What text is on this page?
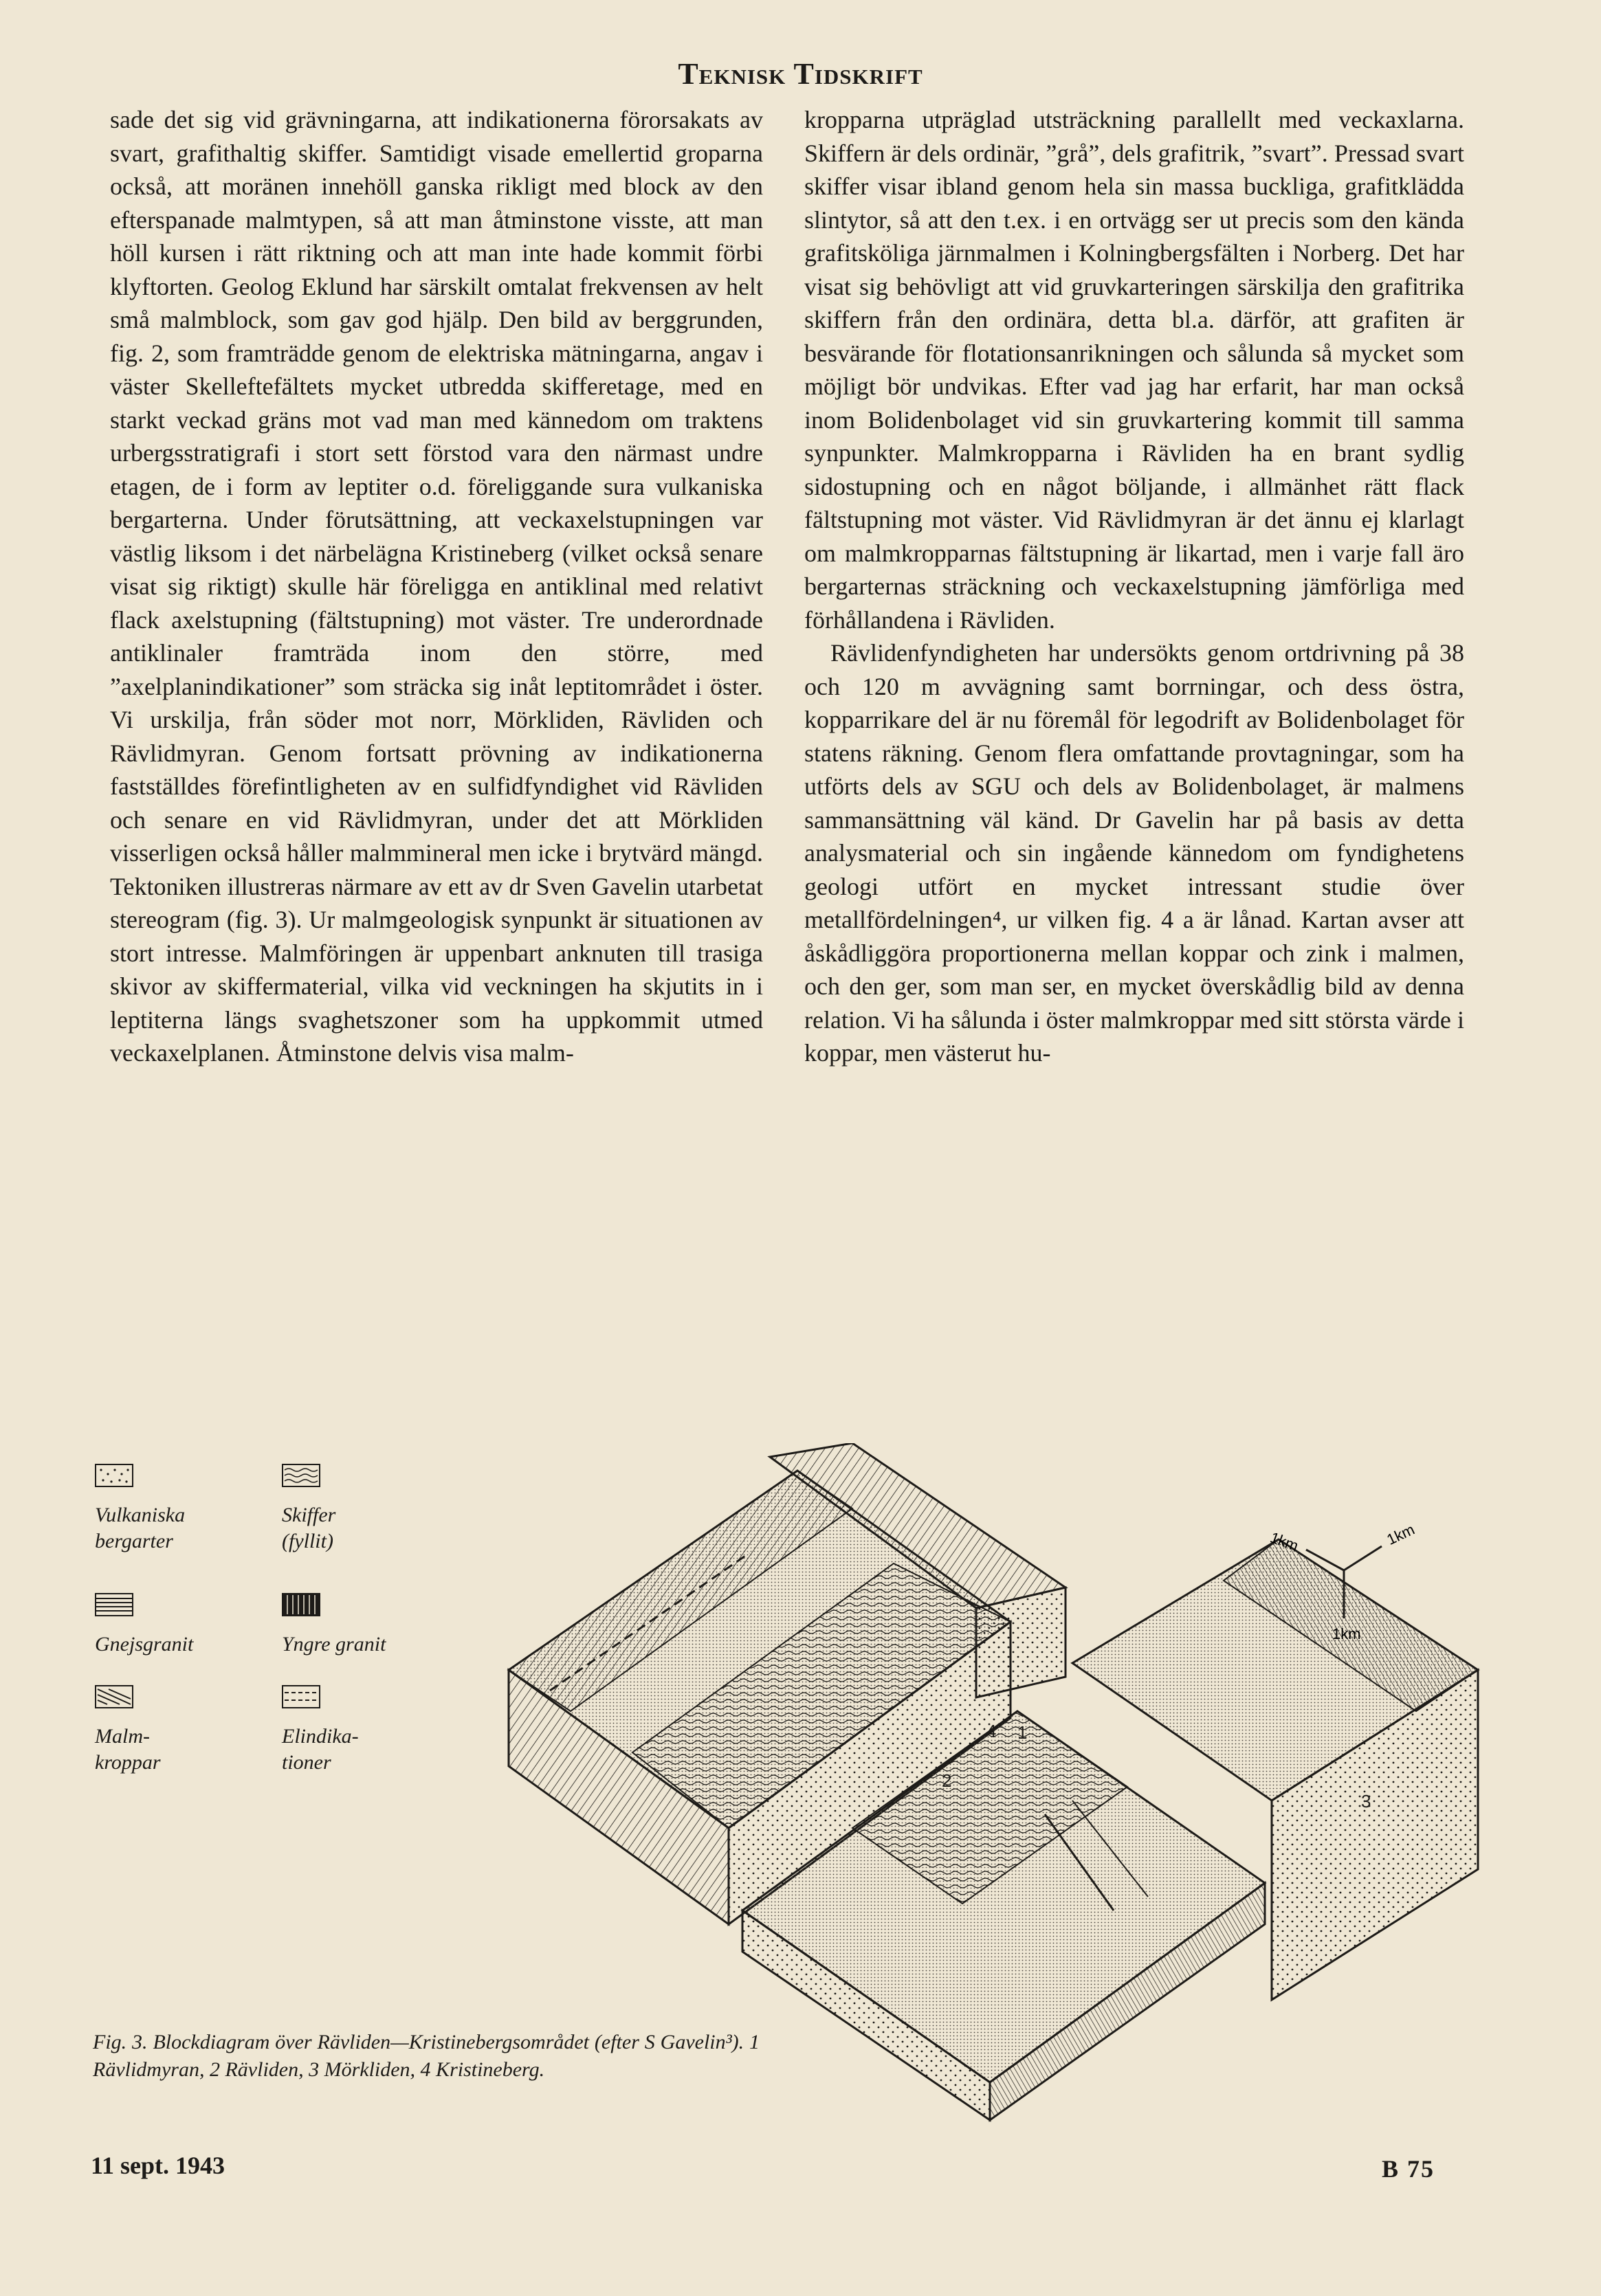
Teknisk Tidskrift

sade det sig vid grävningarna, att indikationerna förorsakats av svart, grafithaltig skiffer. Samtidigt visade emellertid groparna också, att moränen innehöll ganska rikligt med block av den efterspanade malmtypen, så att man åtminstone visste, att man höll kursen i rätt riktning och att man inte hade kommit förbi klyftorten. Geolog Eklund har särskilt omtalat frekvensen av helt små malmblock, som gav god hjälp. Den bild av berggrunden, fig. 2, som framträdde genom de elektriska mätningarna, angav i väster Skelleftefältets mycket utbredda skifferetage, med en starkt veckad gräns mot vad man med kännedom om traktens urbergsstratigrafi i stort sett förstod vara den närmast undre etagen, de i form av leptiter o.d. föreliggande sura vulkaniska bergarterna. Under förutsättning, att veckaxelstupningen var västlig liksom i det närbelägna Kristineberg (vilket också senare visat sig riktigt) skulle här föreligga en antiklinal med relativt flack axelstupning (fältstupning) mot väster. Tre underordnade antiklinaler framträda inom den större, med ”axelplanindikationer” som sträcka sig inåt leptitområdet i öster. Vi urskilja, från söder mot norr, Mörkliden, Rävliden och Rävlidmyran. Genom fortsatt prövning av indikationerna fastställdes förefintligheten av en sulfidfyndighet vid Rävliden och senare en vid Rävlidmyran, under det att Mörkliden visserligen också håller malmmineral men icke i brytvärd mängd. Tektoniken illustreras närmare av ett av dr Sven Gavelin utarbetat stereogram (fig. 3). Ur malmgeologisk synpunkt är situationen av stort intresse. Malmföringen är uppenbart anknuten till trasiga skivor av skiffermaterial, vilka vid veckningen ha skjutits in i leptiterna längs svaghetszoner som ha uppkommit utmed veckaxelplanen. Åtminstone delvis visa malm-

kropparna utpräglad utsträckning parallellt med veckaxlarna. Skiffern är dels ordinär, ”grå”, dels grafitrik, ”svart”. Pressad svart skiffer visar ibland genom hela sin massa buckliga, grafitklädda slintytor, så att den t.ex. i en ortvägg ser ut precis som den kända grafitsköliga järnmalmen i Kolningbergsfälten i Norberg. Det har visat sig behövligt att vid gruvkarteringen särskilja den grafitrika skiffern från den ordinära, detta bl.a. därför, att grafiten är besvärande för flotationsanrikningen och sålunda så mycket som möjligt bör undvikas. Efter vad jag har erfarit, har man också inom Bolidenbolaget vid sin gruvkartering kommit till samma synpunkter. Malmkropparna i Rävliden ha en brant sydlig sidostupning och en något böljande, i allmänhet rätt flack fältstupning mot väster. Vid Rävlidmyran är det ännu ej klarlagt om malmkropparnas fältstupning är likartad, men i varje fall äro bergarternas sträckning och veckaxelstupning jämförliga med förhållandena i Rävliden.

Rävlidenfyndigheten har undersökts genom ortdrivning på 38 och 120 m avvägning samt borrningar, och dess östra, kopparrikare del är nu föremål för legodrift av Bolidenbolaget för statens räkning. Genom flera omfattande provtagningar, som ha utförts dels av SGU och dels av Bolidenbolaget, är malmens sammansättning väl känd. Dr Gavelin har på basis av detta analysmaterial och sin ingående kännedom om fyndighetens geologi utfört en mycket intressant studie över metallfördelningen⁴, ur vilken fig. 4 a är lånad. Kartan avser att åskådliggöra proportionerna mellan koppar och zink i malmen, och den ger, som man ser, en mycket överskådlig bild av denna relation. Vi ha sålunda i öster malmkroppar med sitt största värde i koppar, men västerut hu-

Vulkaniska
bergarter
Skiffer
(fyllit)
Gnejsgranit	Yngre granit
Malm-
kroppar
Elindika-
tioner
1km	1km
1km
1
2
3
4
Fig. 3. Blockdiagram över Rävliden—Kristinebergsområdet (efter S Gavelin³). 1 Rävlidmyran, 2 Rävliden, 3 Mörkliden, 4 Kristineberg.
11 sept. 1943	B 75
